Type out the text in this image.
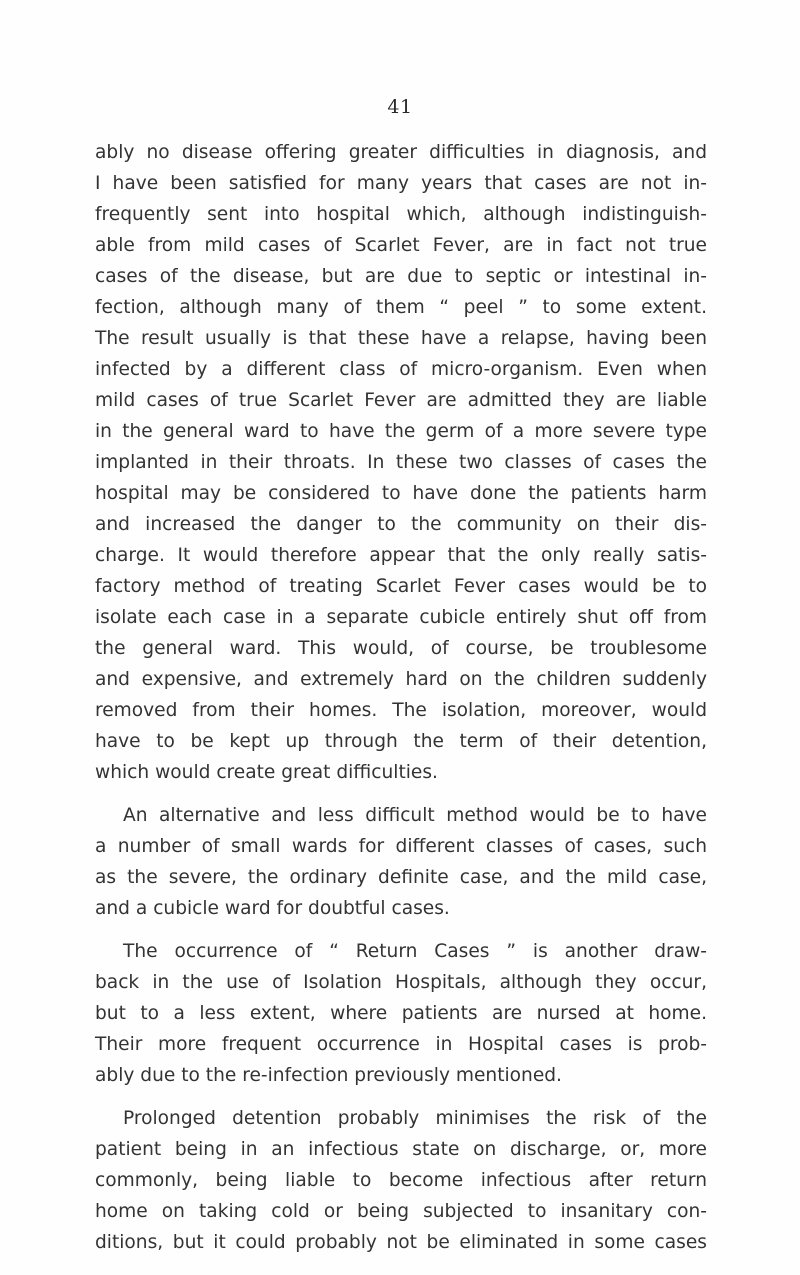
41
ably no disease offering greater difficulties in diagnosis, and
I have been satisfied for many years that cases are not in-
frequently sent into hospital which, although indistinguish-
able from mild cases of Scarlet Fever, are in fact not true
cases of the disease, but are due to septic or intestinal in-
fection, although many of them “ peel ” to some extent.
The result usually is that these have a relapse, having been
infected by a different class of micro-organism. Even when
mild cases of true Scarlet Fever are admitted they are liable
in the general ward to have the germ of a more severe type
implanted in their throats. In these two classes of cases the
hospital may be considered to have done the patients harm
and increased the danger to the community on their dis-
charge. It would therefore appear that the only really satis-
factory method of treating Scarlet Fever cases would be to
isolate each case in a separate cubicle entirely shut off from
the general ward. This would, of course, be troublesome
and expensive, and extremely hard on the children suddenly
removed from their homes. The isolation, moreover, would
have to be kept up through the term of their detention,
which would create great difficulties.
An alternative and less difficult method would be to have
a number of small wards for different classes of cases, such
as the severe, the ordinary definite case, and the mild case,
and a cubicle ward for doubtful cases.
The occurrence of “ Return Cases ” is another draw-
back in the use of Isolation Hospitals, although they occur,
but to a less extent, where patients are nursed at home.
Their more frequent occurrence in Hospital cases is prob-
ably due to the re-infection previously mentioned.
Prolonged detention probably minimises the risk of the
patient being in an infectious state on discharge, or, more
commonly, being liable to become infectious after return
home on taking cold or being subjected to insanitary con-
ditions, but it could probably not be eliminated in some cases
